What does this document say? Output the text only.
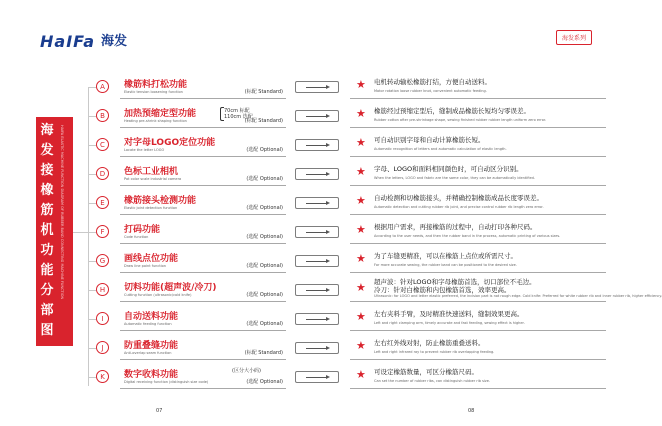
HaIFa 海发	海发系列
海发接橡筋机功能分部图
HAIFA ELASTIC MACHINE FUNCTION DIAGRAM OF RUBBER BAND CONNECTING MACHINE FUNCTION
A	橡筋料打松功能
Elastic tension loosening function	(标配 Standard)
★ 电机转动输松橡筋打结，方便自动送料。
Motor rotation loose rubber knot, convenient automatic feeding.
B	加热预缩定型功能
Heating pre-shrink shaping function
70cm 标配
110cm 选配
(标配 Standard)
★ 橡筋经过预缩定型后，缝制成品橡筋长短均匀零误差。
Rubber cotton after pre-shrinkage shape, sewing finished rubber rubber length uniform zero error.
C	对字母LOGO定位功能
Locate the letter LOGO	(选配 Optional)
★ 可自动识别字母和自动计算橡筋长短。
Automatic recognition of letters and automatic calculation of elastic length.
D	色标工业相机
Pot color scale industrial camera	(选配 Optional)
★ 字母、LOGO和面料相同颜色时，可自动区分识别。
When the letters, LOGO and fabric are the same color, they can be automatically identified.
E	橡筋接头检测功能
Elastic joint detection function	(选配 Optional)
★ 自动检测和切橡筋接头，并精确控制橡筋成品长度零误差。
Automatic detection and cutting rubber rib joint, and precise control rubber rib length zero error.
F	打码功能
Code function	(选配 Optional)
★ 根据用户需求，再接橡筋的过程中，自动打印各种尺码。
According to the user needs, and then the rubber band in the process, automatic printing of various sizes.
G	画线点位功能
Draw line point function	(选配 Optional)
★ 为了车缝更精准，可以在橡筋上点位或所需尺寸。
For more accurate sewing, the rubber band can be positioned to the desired size.
H	切料功能(超声波/冷刀)
Cutting function (ultrasonic/cold knife)	(选配 Optional)
★ 超声波：针对LOGO和字母橡筋首选，切口部位不毛边。
冷刀：针对白橡筋和内包橡筋首选，效率更高。
Ultrasonic: for LOGO and letter elastic preferred, the incision part is not rough edge. Cold knife: Preferred for white rubber rib and inner rubber rib, higher efficiency.
I	自动送料功能
Automatic feeding function	(选配 Optional)
★ 左右夹料手臂，及时精准快速送料，缝制效果更高。
Left and right clamping arm, timely accurate and fast feeding, sewing effect is higher.
J	防重叠缝功能
Anti-overlap seam function	(标配 Standard)
★ 左右红外线对射，防止橡筋重叠送料。
Left and right infrared ray to prevent rubber rib overlapping feeding.
K	数字收料功能
Digital receiving function (distinguish size code)
(区分大小码)
(选配 Optional)
★ 可设定橡筋数量，可区分橡筋尺码。
Can set the number of rubber ribs, can distinguish rubber rib size.
07	08
